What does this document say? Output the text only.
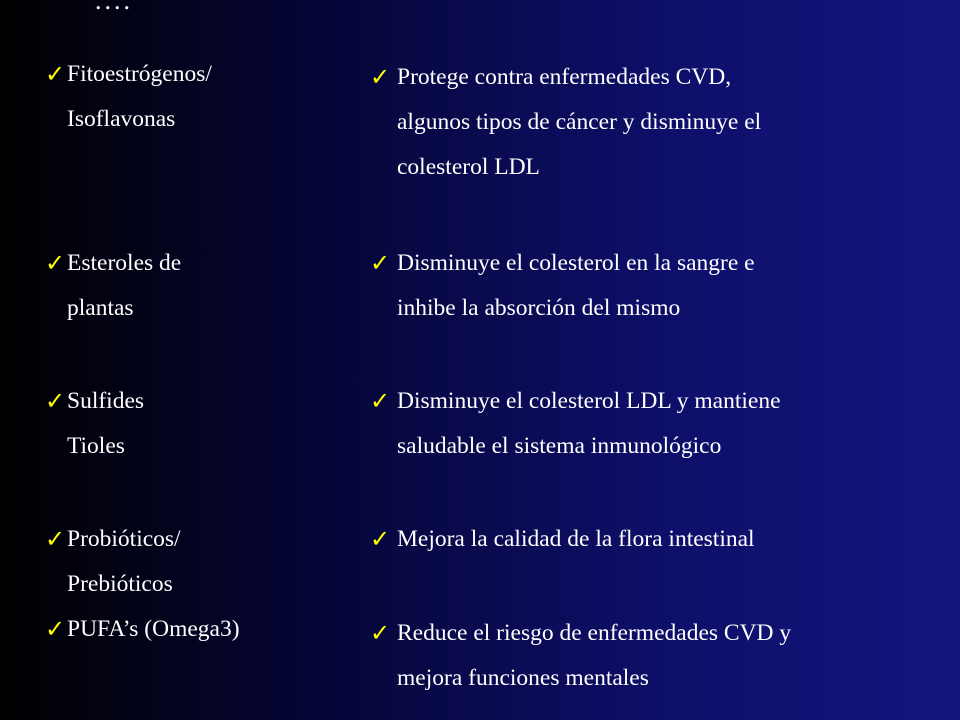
....
✓ Fitoestrógenos/
Isoflavonas
✓ Esteroles de
plantas
✓ Sulfides
Tioles
✓ Probióticos/
Prebióticos
✓ PUFA’s (Omega3)
✓ Protege contra enfermedades CVD,
algunos tipos de cáncer y disminuye el
colesterol LDL
✓ Disminuye el colesterol en la sangre e
inhibe la absorción del mismo
✓ Disminuye el colesterol LDL y mantiene
saludable el sistema inmunológico
✓ Mejora la calidad de la flora intestinal
✓ Reduce el riesgo de enfermedades CVD y
mejora funciones mentales
